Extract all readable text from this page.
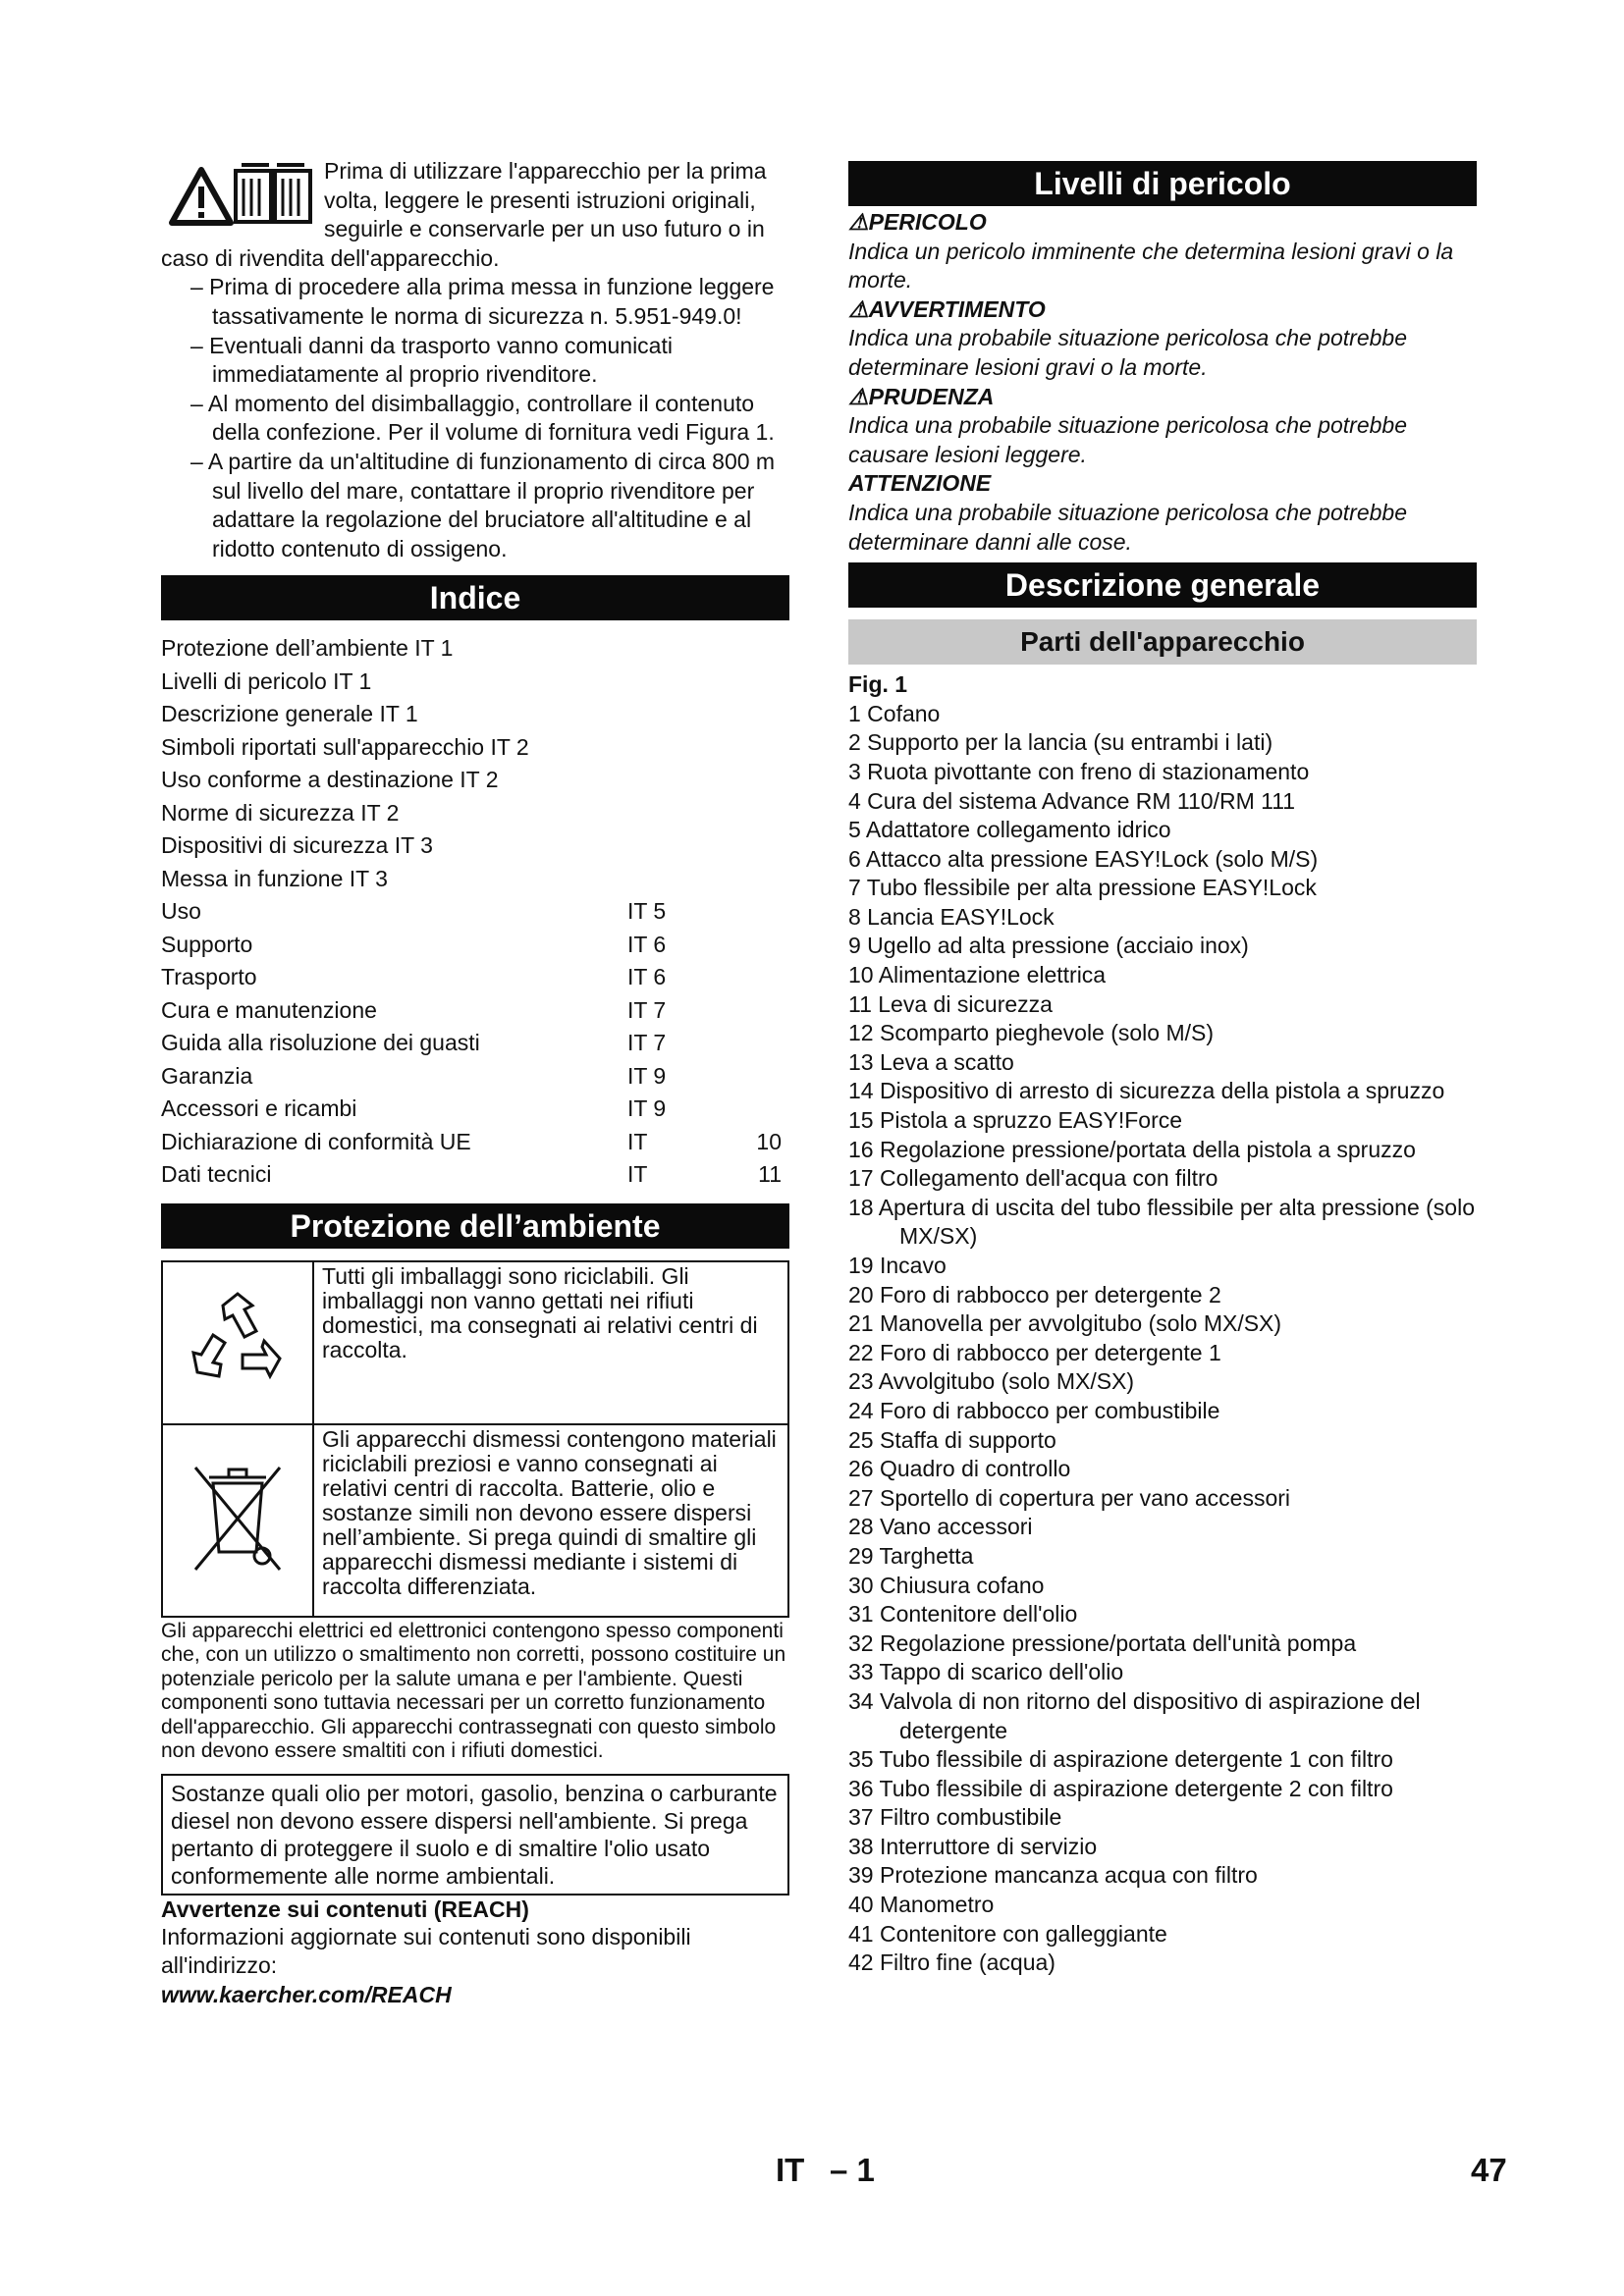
Prima di utilizzare l'apparecchio per la prima volta, leggere le presenti istruzioni originali, seguirle e conservarle per un uso futuro o in caso di rivendita dell'apparecchio.
– Prima di procedere alla prima messa in funzione leggere tassativamente le norma di sicurezza n. 5.951-949.0!
– Eventuali danni da trasporto vanno comunicati immediatamente al proprio rivenditore.
– Al momento del disimballaggio, controllare il contenuto della confezione. Per il volume di fornitura vedi Figura 1.
– A partire da un'altitudine di funzionamento di circa 800 m sul livello del mare, contattare il proprio rivenditore per adattare la regolazione del bruciatore all'altitudine e al ridotto contenuto di ossigeno.
Indice
Protezione dell’ambiente IT 1
Livelli di pericolo IT 1
Descrizione generale IT 1
Simboli riportati sull'apparecchio IT 2
Uso conforme a destinazione IT 2
Norme di sicurezza IT 2
Dispositivi di sicurezza IT 3
Messa in funzione IT 3
Uso	IT 5
Supporto	IT 6
Trasporto	IT 6
Cura e manutenzione	IT 7
Guida alla risoluzione dei guasti	IT 7
Garanzia	IT 9
Accessori e ricambi	IT 9
Dichiarazione di conformità UE	IT	10
Dati tecnici	IT	11
Protezione dell’ambiente
	Tutti gli imballaggi sono riciclabili. Gli imballaggi non vanno gettati nei rifiuti domestici, ma consegnati ai relativi centri di raccolta.
	Gli apparecchi dismessi contengono materiali riciclabili preziosi e vanno consegnati ai relativi centri di raccolta. Batterie, olio e sostanze simili non devono essere dispersi nell’ambiente. Si prega quindi di smaltire gli apparecchi dismessi mediante i sistemi di raccolta differenziata.
Gli apparecchi elettrici ed elettronici contengono spesso componenti che, con un utilizzo o smaltimento non corretti, possono costituire un potenziale pericolo per la salute umana e per l'ambiente. Questi componenti sono tuttavia necessari per un corretto funzionamento dell'apparecchio. Gli apparecchi contrassegnati con questo simbolo non devono essere smaltiti con i rifiuti domestici.
Sostanze quali olio per motori, gasolio, benzina o carburante diesel non devono essere dispersi nell'ambiente. Si prega pertanto di proteggere il suolo e di smaltire l'olio usato conformemente alle norme ambientali.
Avvertenze sui contenuti (REACH)
Informazioni aggiornate sui contenuti sono disponibili all'indirizzo:
www.kaercher.com/REACH
Livelli di pericolo
⚠PERICOLO
Indica un pericolo imminente che determina lesioni gravi o la morte.
⚠AVVERTIMENTO
Indica una probabile situazione pericolosa che potrebbe determinare lesioni gravi o la morte.
⚠PRUDENZA
Indica una probabile situazione pericolosa che potrebbe causare lesioni leggere.
ATTENZIONE
Indica una probabile situazione pericolosa che potrebbe determinare danni alle cose.
Descrizione generale
Parti dell'apparecchio
Fig. 1
1 Cofano
2 Supporto per la lancia (su entrambi i lati)
3 Ruota pivottante con freno di stazionamento
4 Cura del sistema Advance RM 110/RM 111
5 Adattatore collegamento idrico
6 Attacco alta pressione EASY!Lock (solo M/S)
7 Tubo flessibile per alta pressione EASY!Lock
8 Lancia EASY!Lock
9 Ugello ad alta pressione (acciaio inox)
10 Alimentazione elettrica
11 Leva di sicurezza
12 Scomparto pieghevole (solo M/S)
13 Leva a scatto
14 Dispositivo di arresto di sicurezza della pistola a spruzzo
15 Pistola a spruzzo EASY!Force
16 Regolazione pressione/portata della pistola a spruzzo
17 Collegamento dell'acqua con filtro
18 Apertura di uscita del tubo flessibile per alta pressione (solo MX/SX)
19 Incavo
20 Foro di rabbocco per detergente 2
21 Manovella per avvolgitubo (solo MX/SX)
22 Foro di rabbocco per detergente 1
23 Avvolgitubo (solo MX/SX)
24 Foro di rabbocco per combustibile
25 Staffa di supporto
26 Quadro di controllo
27 Sportello di copertura per vano accessori
28 Vano accessori
29 Targhetta
30 Chiusura cofano
31 Contenitore dell'olio
32 Regolazione pressione/portata dell'unità pompa
33 Tappo di scarico dell'olio
34 Valvola di non ritorno del dispositivo di aspirazione del detergente
35 Tubo flessibile di aspirazione detergente 1 con filtro
36 Tubo flessibile di aspirazione detergente 2 con filtro
37 Filtro combustibile
38 Interruttore di servizio
39 Protezione mancanza acqua con filtro
40 Manometro
41 Contenitore con galleggiante
42 Filtro fine (acqua)
IT – 1	47
